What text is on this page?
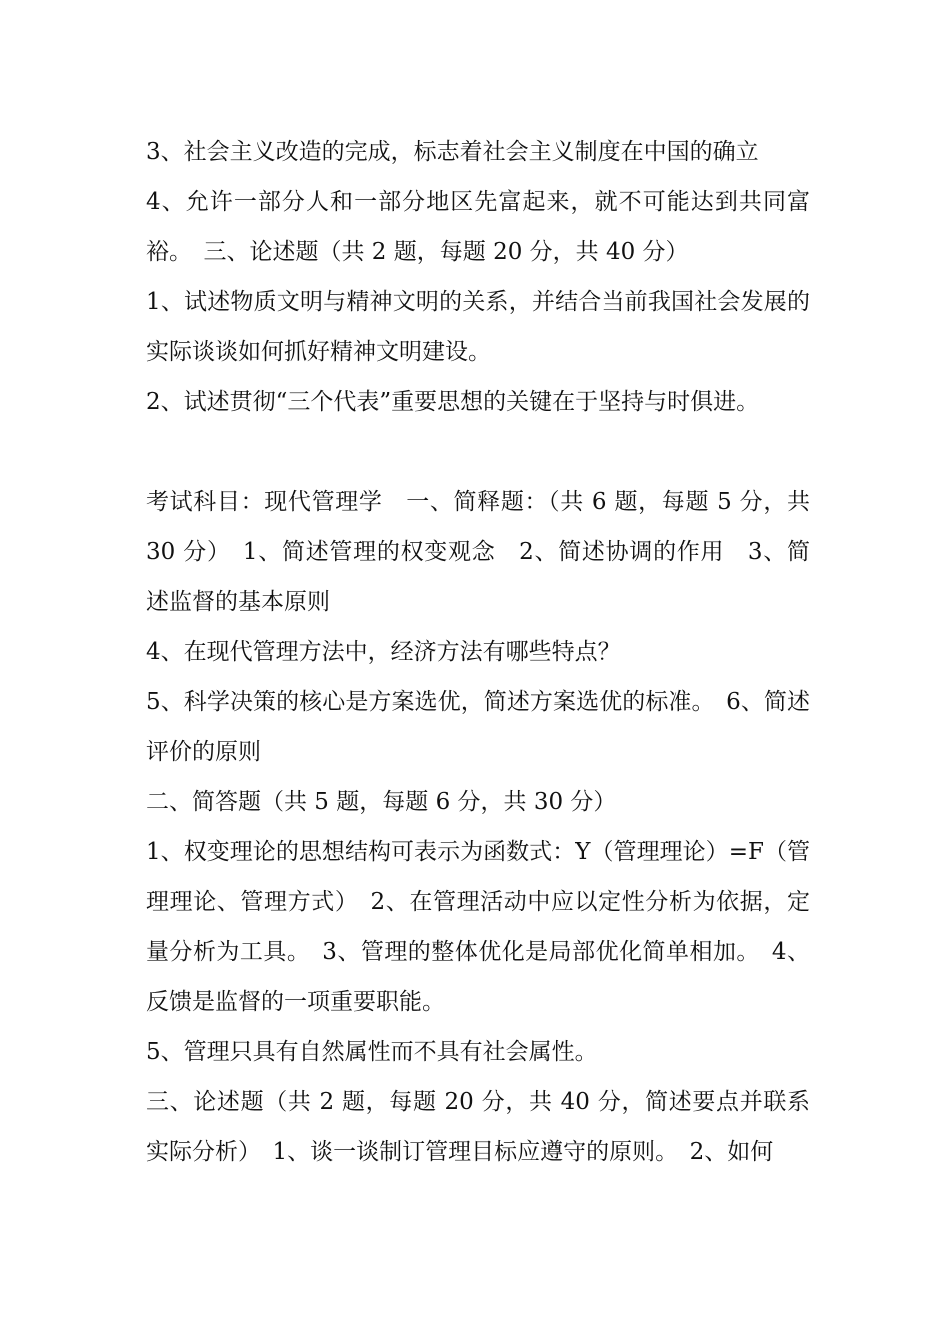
3、社会主义改造的完成，标志着社会主义制度在中国的确立

4、允许一部分人和一部分地区先富起来，就不可能达到共同富裕。　三、论述题（共 2 题，每题 20 分，共 40 分）

1、试述物质文明与精神文明的关系，并结合当前我国社会发展的实际谈谈如何抓好精神文明建设。

2、试述贯彻“三个代表”重要思想的关键在于坚持与时俱进。

考试科目：现代管理学　一、简释题：（共 6 题，每题 5 分，共 30 分）　1、简述管理的权变观念　2、简述协调的作用　3、简述监督的基本原则

4、在现代管理方法中，经济方法有哪些特点？

5、科学决策的核心是方案选优，简述方案选优的标准。　6、简述评价的原则

二、简答题（共 5 题，每题 6 分，共 30 分）

1、权变理论的思想结构可表示为函数式：Y（管理理论）=F（管理理论、管理方式）　2、在管理活动中应以定性分析为依据，定量分析为工具。　3、管理的整体优化是局部优化简单相加。　4、反馈是监督的一项重要职能。

5、管理只具有自然属性而不具有社会属性。

三、论述题（共 2 题，每题 20 分，共 40 分，简述要点并联系实际分析）　1、谈一谈制订管理目标应遵守的原则。　2、如何
